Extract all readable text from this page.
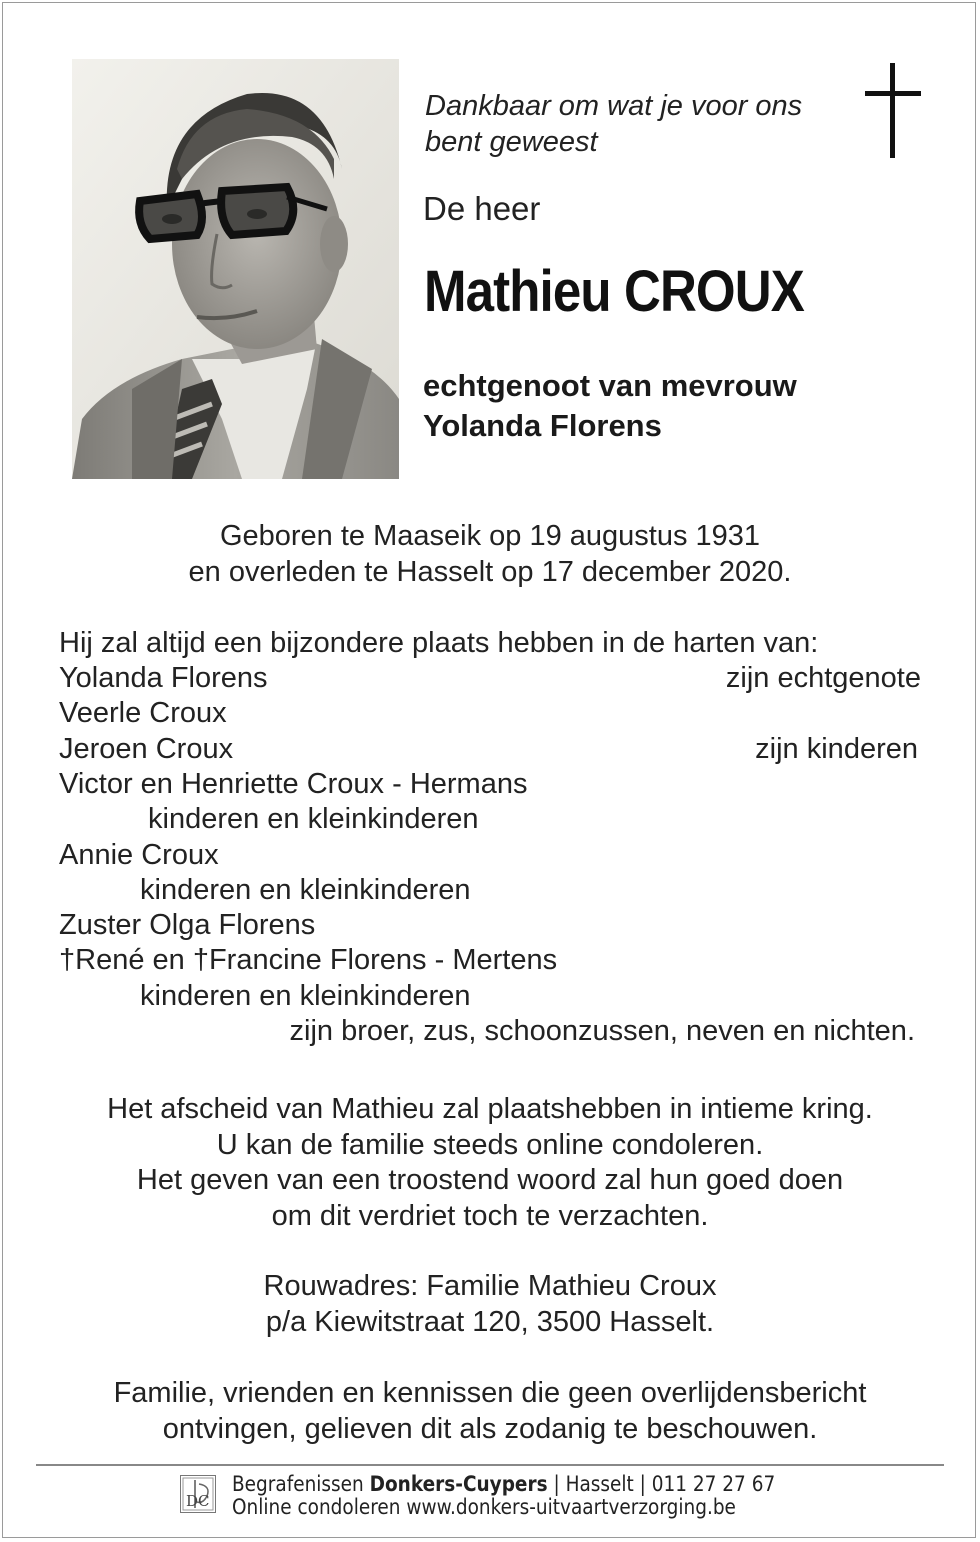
Dankbaar om wat je voor ons
bent geweest
De heer
Mathieu CROUX
echtgenoot van mevrouw
Yolanda Florens
Geboren te Maaseik op 19 augustus 1931
en overleden te Hasselt op 17 december 2020.
Hij zal altijd een bijzondere plaats hebben in de harten van:
Yolanda Florens	zijn echtgenote
Veerle Croux
Jeroen Croux	zijn kinderen
Victor en Henriette Croux - Hermans
kinderen en kleinkinderen
Annie Croux
kinderen en kleinkinderen
Zuster Olga Florens
†René en †Francine Florens - Mertens
kinderen en kleinkinderen
zijn broer, zus, schoonzussen, neven en nichten.
Het afscheid van Mathieu zal plaatshebben in intieme kring.
U kan de familie steeds online condoleren.
Het geven van een troostend woord zal hun goed doen
om dit verdriet toch te verzachten.
Rouwadres: Familie Mathieu Croux
p/a Kiewitstraat 120, 3500 Hasselt.
Familie, vrienden en kennissen die geen overlijdensbericht
ontvingen, gelieven dit als zodanig te beschouwen.
DC
Begrafenissen Donkers-Cuypers | Hasselt | 011 27 27 67
Online condoleren www.donkers-uitvaartverzorging.be
